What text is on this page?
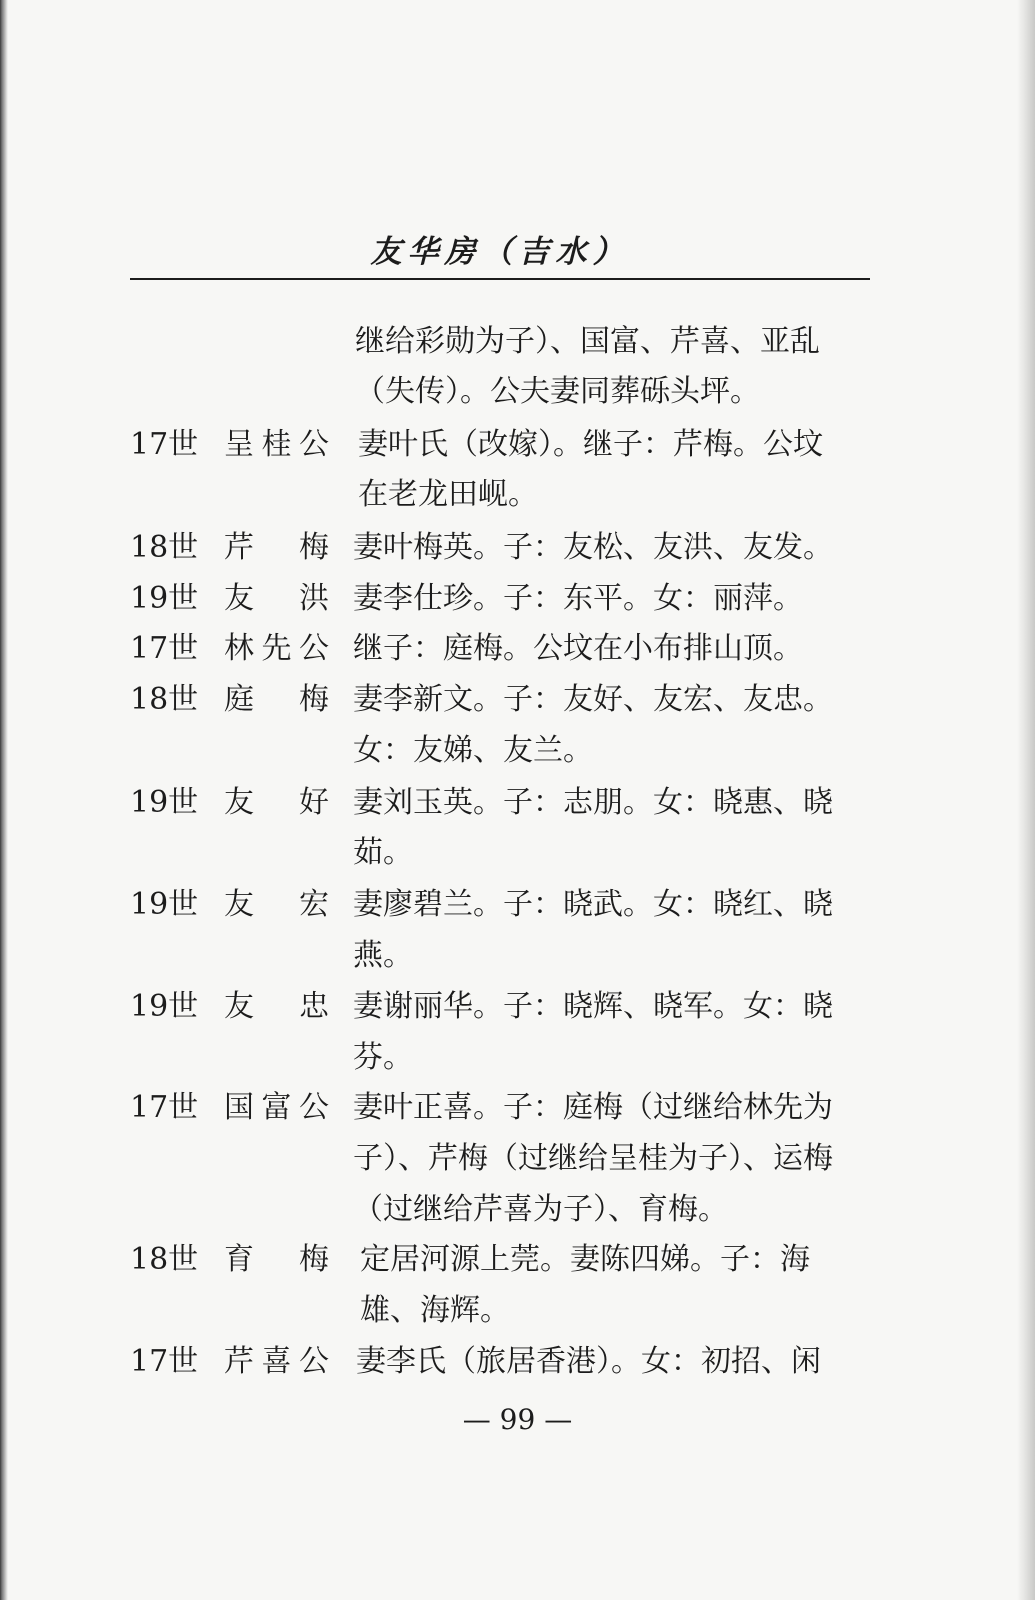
友华房（吉水）
继给彩勋为子）、国富、芹喜、亚乱
（失传）。公夫妻同葬砾头坪。
17世 呈桂公 妻叶氏（改嫁）。继子：芹梅。公坟
在老龙田岘。
18世 芹梅 妻叶梅英。子：友松、友洪、友发。
19世 友洪 妻李仕珍。子：东平。女：丽萍。
17世 林先公 继子：庭梅。公坟在小布排山顶。
18世 庭梅 妻李新文。子：友好、友宏、友忠。
女：友娣、友兰。
19世 友好 妻刘玉英。子：志朋。女：晓惠、晓
茹。
19世 友宏 妻廖碧兰。子：晓武。女：晓红、晓
燕。
19世 友忠 妻谢丽华。子：晓辉、晓军。女：晓
芬。
17世 国富公 妻叶正喜。子：庭梅（过继给林先为
子）、芹梅（过继给呈桂为子）、运梅
（过继给芹喜为子）、育梅。
18世 育梅 定居河源上莞。妻陈四娣。子：海
雄、海辉。
17世 芹喜公 妻李氏（旅居香港）。女：初招、闲
— 99 —
